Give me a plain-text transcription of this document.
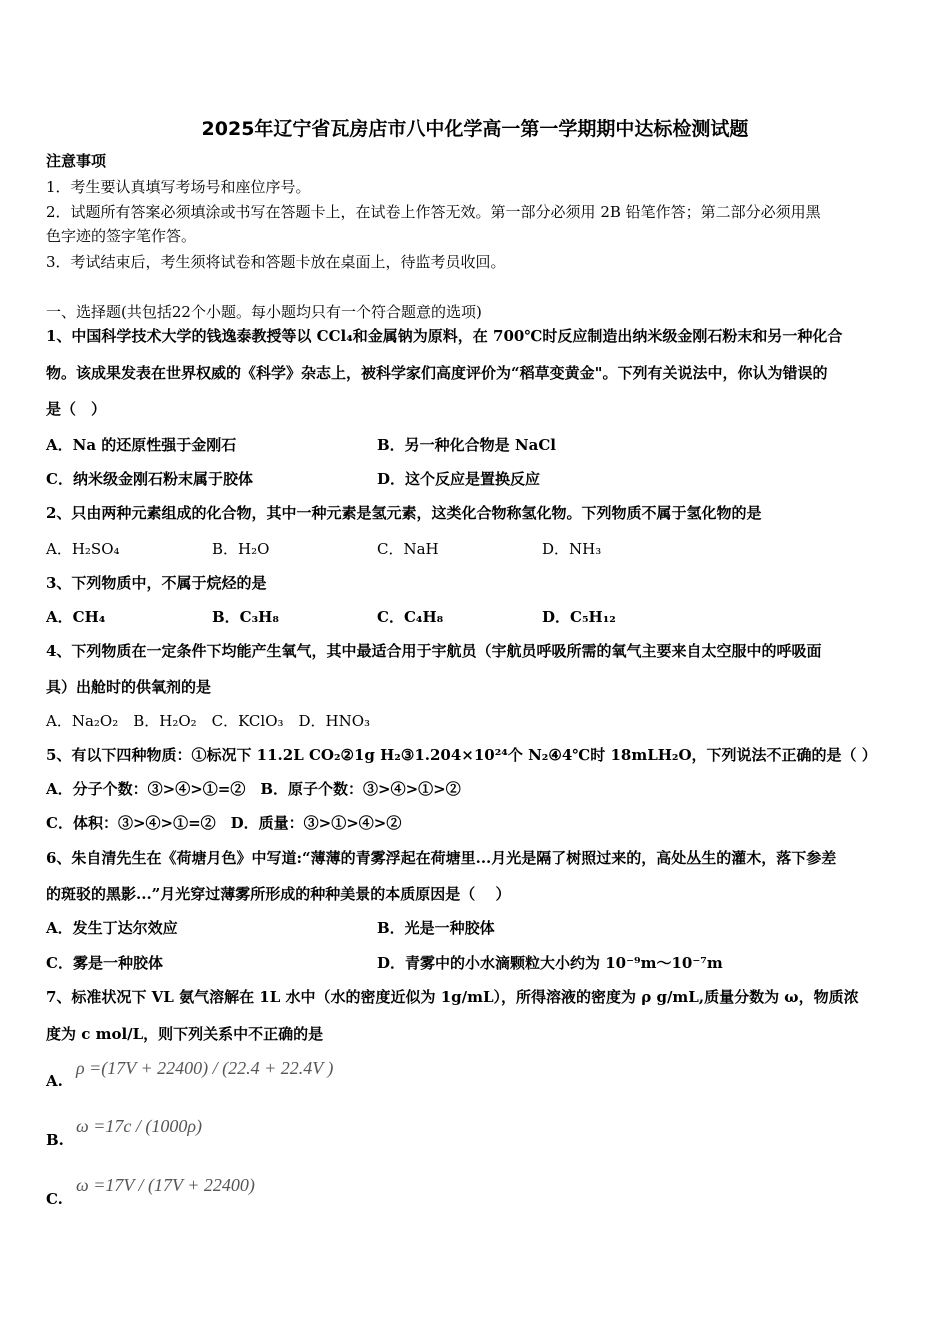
2025年辽宁省瓦房店市八中化学高一第一学期期中达标检测试题
注意事项
1．考生要认真填写考场号和座位序号。
2．试题所有答案必须填涂或书写在答题卡上，在试卷上作答无效。第一部分必须用 2B 铅笔作答；第二部分必须用黑
色字迹的签字笔作答。
3．考试结束后，考生须将试卷和答题卡放在桌面上，待监考员收回。
一、选择题(共包括22个小题。每小题均只有一个符合题意的选项)
1、中国科学技术大学的钱逸泰教授等以 CCl₄和金属钠为原料，在 700℃时反应制造出纳米级金刚石粉末和另一种化合
物。该成果发表在世界权威的《科学》杂志上，被科学家们高度评价为“稻草变黄金"。下列有关说法中，你认为错误的
是（　）
A．Na 的还原性强于金刚石	B．另一种化合物是 NaCl
C．纳米级金刚石粉末属于胶体	D．这个反应是置换反应
2、只由两种元素组成的化合物，其中一种元素是氢元素，这类化合物称氢化物。下列物质不属于氢化物的是
A．H₂SO₄	B．H₂O	C．NaH	D．NH₃
3、下列物质中，不属于烷烃的是
A．CH₄	B．C₃H₈	C．C₄H₈	D．C₅H₁₂
4、下列物质在一定条件下均能产生氧气，其中最适合用于宇航员（宇航员呼吸所需的氧气主要来自太空服中的呼吸面
具）出舱时的供氧剂的是
A．Na₂O₂　B．H₂O₂　C．KClO₃　D．HNO₃
5、有以下四种物质：①标况下 11.2L CO₂②1g H₂③1.204×10²⁴个 N₂④4℃时 18mLH₂O，下列说法不正确的是（ ）
A．分子个数：③>④>①=②　B．原子个数：③>④>①>②
C．体积：③>④>①=②　D．质量：③>①>④>②
6、朱自清先生在《荷塘月色》中写道:“薄薄的青雾浮起在荷塘里...月光是隔了树照过来的，高处丛生的灌木，落下参差
的斑驳的黑影...”月光穿过薄雾所形成的种种美景的本质原因是（　 ）
A．发生丁达尔效应	B．光是一种胶体
C．雾是一种胶体	D．青雾中的小水滴颗粒大小约为 10⁻⁹m～10⁻⁷m
7、标准状况下 VL 氨气溶解在 1L 水中（水的密度近似为 1g/mL），所得溶液的密度为 ρ g/mL,质量分数为 ω，物质浓
度为 c mol/L，则下列关系中不正确的是
A.
ρ =(17V + 22400) / (22.4 + 22.4V )
B.
ω =17c / (1000ρ)
C.
ω =17V / (17V + 22400)
